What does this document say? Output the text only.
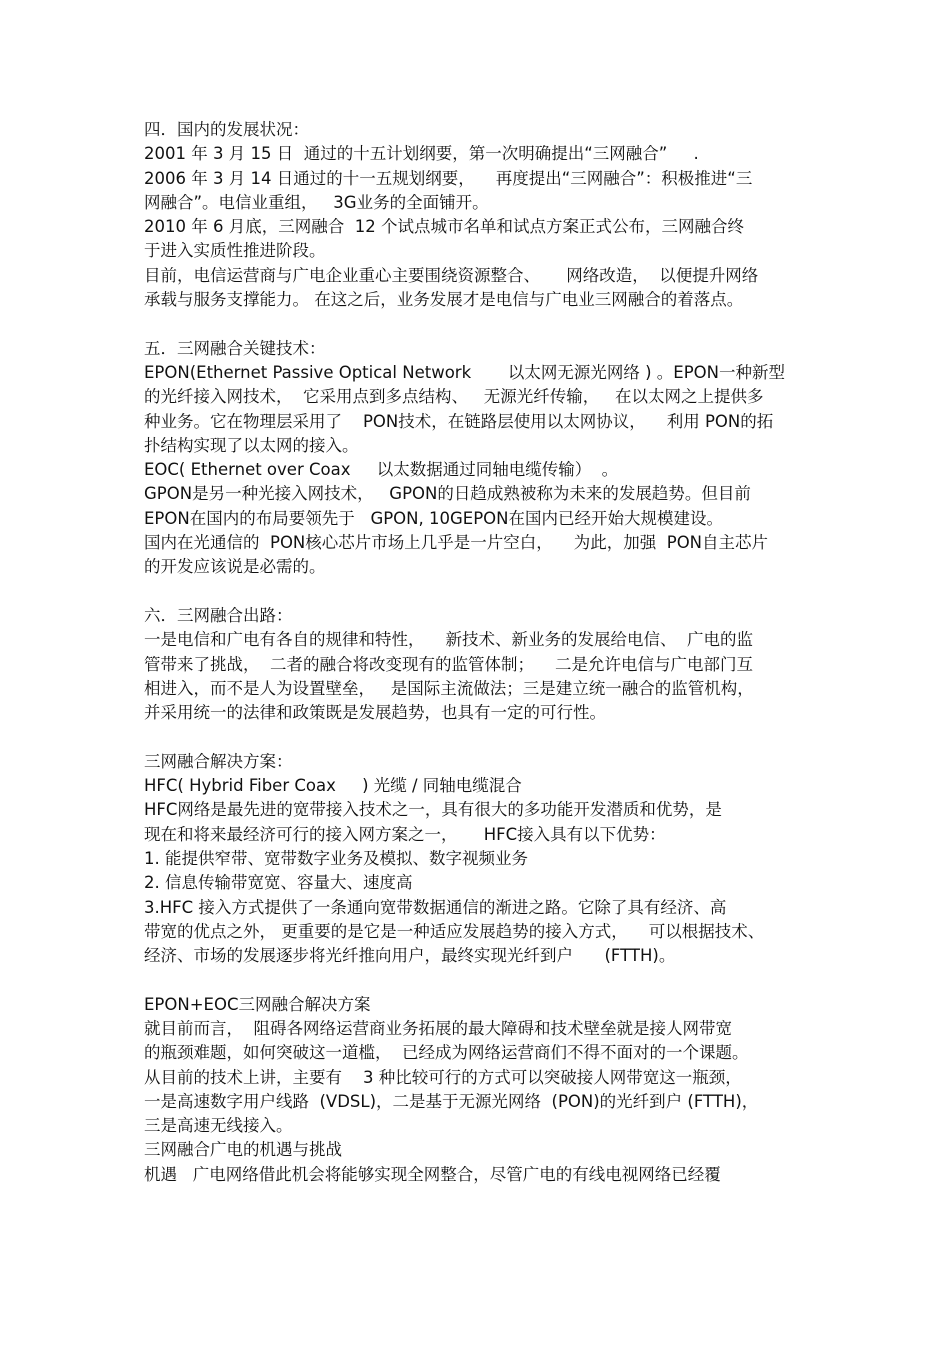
四．国内的发展状况：
2001 年 3 月 15 日  通过的十五计划纲要，第一次明确提出“三网融合”     .
2006 年 3 月 14 日通过的十一五规划纲要，    再度提出“三网融合”：积极推进“三
网融合”。电信业重组，   3G业务的全面铺开。
2010 年 6 月底，三网融合  12 个试点城市名单和试点方案正式公布，三网融合终
于进入实质性推进阶段。
目前，电信运营商与广电企业重心主要围绕资源整合、     网络改造，  以便提升网络
承载与服务支撑能力。 在这之后，业务发展才是电信与广电业三网融合的着落点。
五．三网融合关键技术：
EPON(Ethernet Passive Optical Network       以太网无源光网络 ) 。EPON一种新型
的光纤接入网技术，  它采用点到多点结构、   无源光纤传输，   在以太网之上提供多
种业务。它在物理层采用了    PON技术，在链路层使用以太网协议，    利用 PON的拓
扑结构实现了以太网的接入。
EOC( Ethernet over Coax     以太数据通过同轴电缆传输）  。
GPON是另一种光接入网技术，   GPON的日趋成熟被称为未来的发展趋势。但目前
EPON在国内的布局要领先于   GPON, 10GEPON在国内已经开始大规模建设。
国内在光通信的  PON核心芯片市场上几乎是一片空白，    为此，加强  PON自主芯片
的开发应该说是必需的。
六．三网融合出路：
一是电信和广电有各自的规律和特性，    新技术、新业务的发展给电信、  广电的监
管带来了挑战，  二者的融合将改变现有的监管体制；    二是允许电信与广电部门互
相进入，而不是人为设置壁垒，   是国际主流做法；三是建立统一融合的监管机构，
并采用统一的法律和政策既是发展趋势，也具有一定的可行性。
三网融合解决方案：
HFC( Hybrid Fiber Coax     ) 光缆 / 同轴电缆混合
HFC网络是最先进的宽带接入技术之一，具有很大的多功能开发潜质和优势，是
现在和将来最经济可行的接入网方案之一，     HFC接入具有以下优势：
1. 能提供窄带、宽带数字业务及模拟、数字视频业务
2. 信息传输带宽宽、容量大、速度高
3.HFC 接入方式提供了一条通向宽带数据通信的渐进之路。它除了具有经济、高
带宽的优点之外， 更重要的是它是一种适应发展趋势的接入方式，    可以根据技术、
经济、市场的发展逐步将光纤推向用户，最终实现光纤到户      (FTTH)。
EPON+EOC三网融合解决方案
就目前而言，  阻碍各网络运营商业务拓展的最大障碍和技术壁垒就是接人网带宽
的瓶颈难题，如何突破这一道槛，  已经成为网络运营商们不得不面对的一个课题。
从目前的技术上讲，主要有    3 种比较可行的方式可以突破接人网带宽这一瓶颈，
一是高速数字用户线路  (VDSL)，二是基于无源光网络  (PON)的光纤到户 (FTTH)，
三是高速无线接入。
三网融合广电的机遇与挑战
机遇   广电网络借此机会将能够实现全网整合，尽管广电的有线电视网络已经覆
